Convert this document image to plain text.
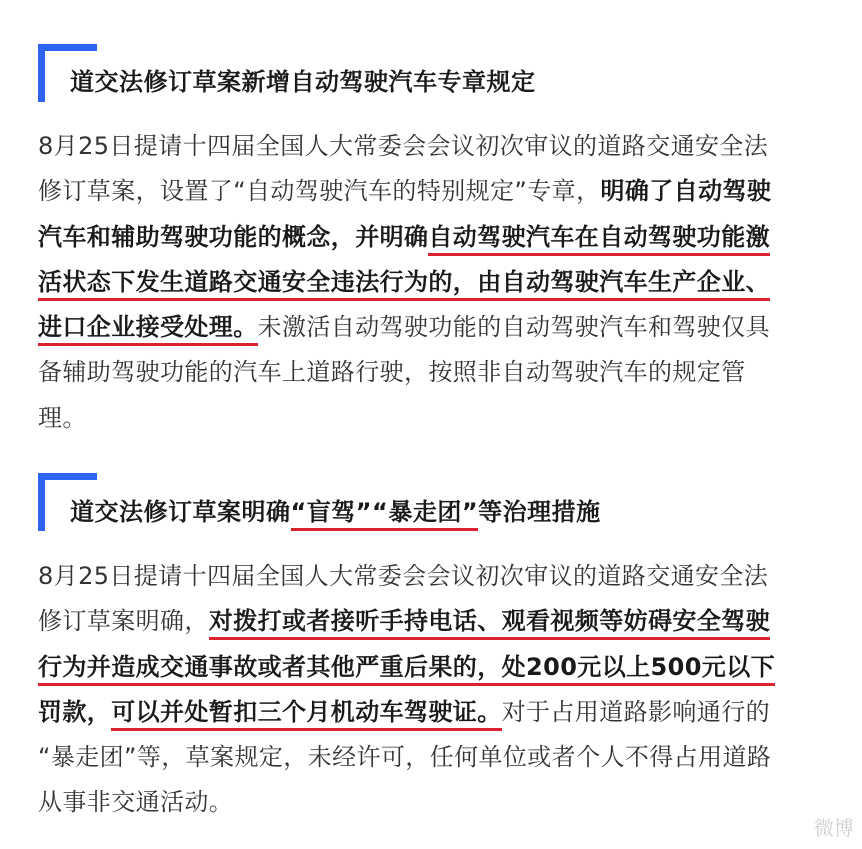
道交法修订草案新增自动驾驶汽车专章规定
8月25日提请十四届全国人大常委会会议初次审议的道路交通安全法
修订草案，设置了“自动驾驶汽车的特别规定”专章，明确了自动驾驶
汽车和辅助驾驶功能的概念，并明确自动驾驶汽车在自动驾驶功能激
活状态下发生道路交通安全违法行为的，由自动驾驶汽车生产企业、
进口企业接受处理。未激活自动驾驶功能的自动驾驶汽车和驾驶仅具
备辅助驾驶功能的汽车上道路行驶，按照非自动驾驶汽车的规定管
理。
道交法修订草案明确“盲驾”“暴走团”等治理措施
8月25日提请十四届全国人大常委会会议初次审议的道路交通安全法
修订草案明确，对拨打或者接听手持电话、观看视频等妨碍安全驾驶
行为并造成交通事故或者其他严重后果的，处200元以上500元以下
罚款，可以并处暂扣三个月机动车驾驶证。对于占用道路影响通行的
“暴走团”等，草案规定，未经许可，任何单位或者个人不得占用道路
从事非交通活动。
微博
